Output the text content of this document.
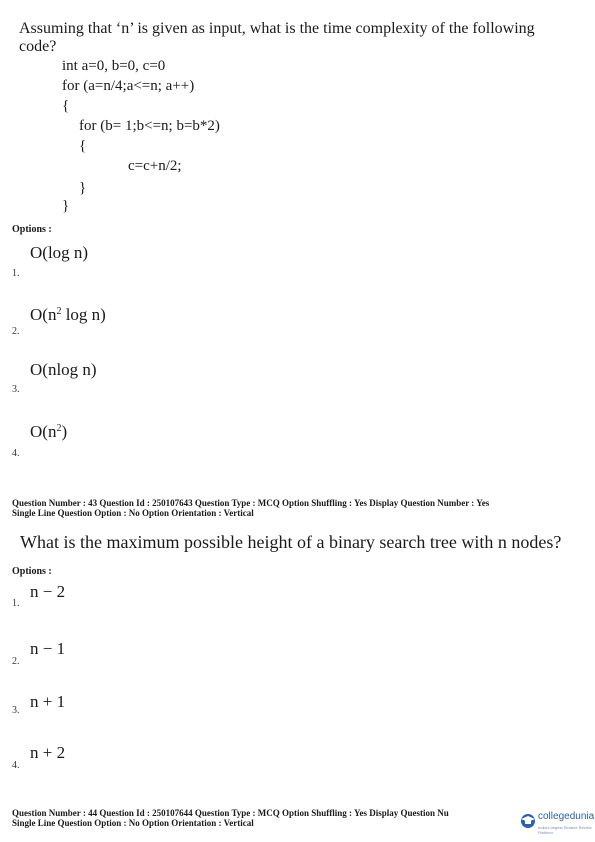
Assuming that ‘n’ is given as input, what is the time complexity of the following
code?
int a=0, b=0, c=0
for (a=n/4;a<=n; a++)
{
for (b= 1;b<=n; b=b*2)
{
c=c+n/2;
}
}
Options :
O(log n)
1.
$O(n^2$ log n)
2.
O(nlog n)
3.
$O(n^2)$
4.
Question Number : 43 Question Id : 250107643 Question Type : MCQ Option Shuffling : Yes Display Question Number : Yes
Single Line Question Option : No Option Orientation : Vertical
What is the maximum possible height of a binary search tree with n nodes?
Options :
n − 2
1.
n − 1
2.
n + 1
3.
n + 2
4.
Question Number : 44 Question Id : 250107644 Question Type : MCQ Option Shuffling : Yes Display Question Nu
Single Line Question Option : No Option Orientation : Vertical
collegedunia
India's largest Student Review Platform
